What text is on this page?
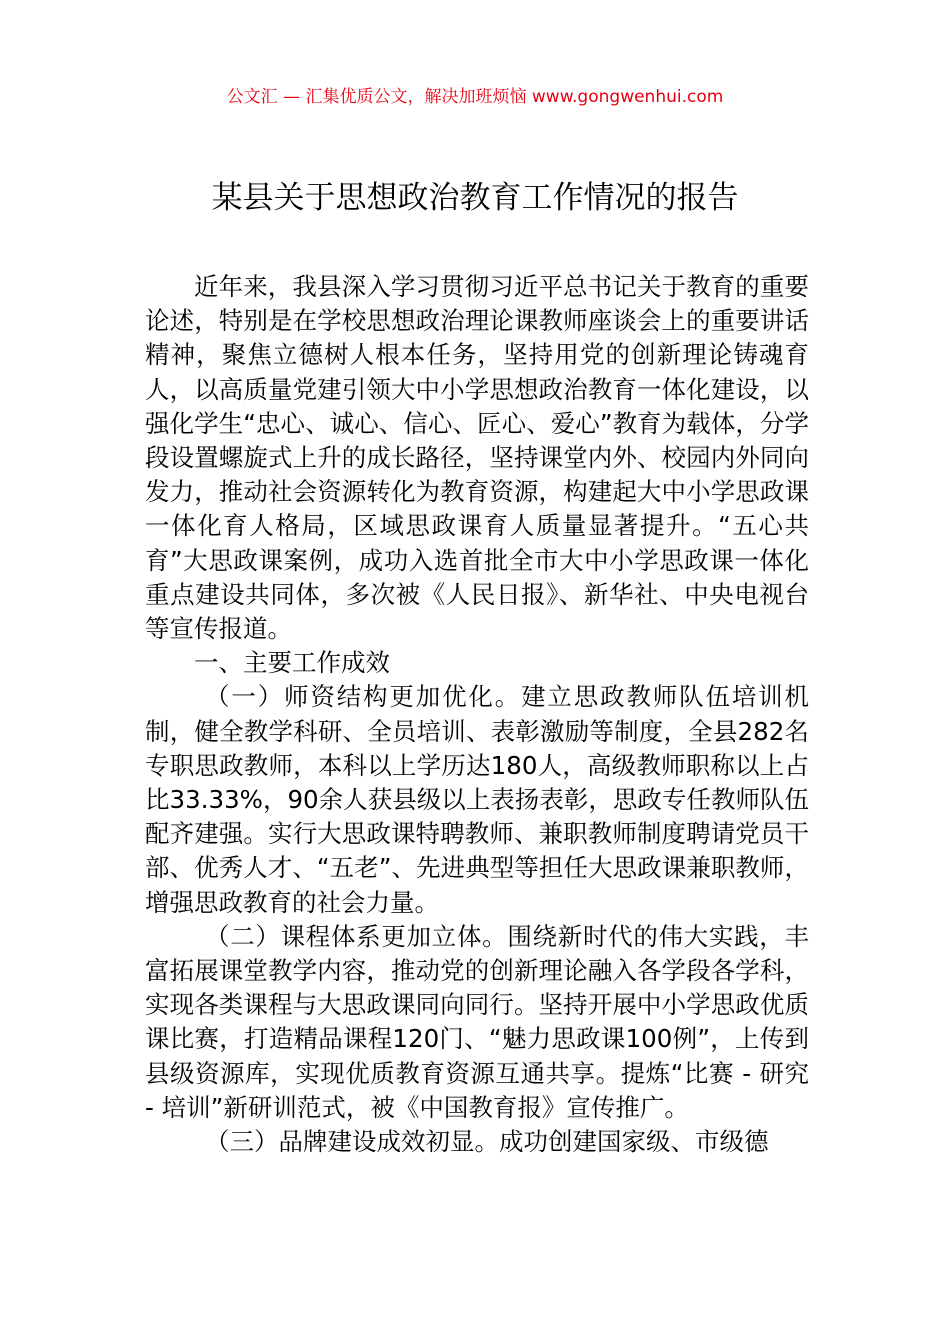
公文汇 — 汇集优质公文，解决加班烦恼 www.gongwenhui.com
某县关于思想政治教育工作情况的报告

近年来，我县深入学习贯彻习近平总书记关于教育的重要论述，特别是在学校思想政治理论课教师座谈会上的重要讲话精神，聚焦立德树人根本任务，坚持用党的创新理论铸魂育人，以高质量党建引领大中小学思想政治教育一体化建设，以强化学生“忠心、诚心、信心、匠心、爱心”教育为载体，分学段设置螺旋式上升的成长路径，坚持课堂内外、校园内外同向发力，推动社会资源转化为教育资源，构建起大中小学思政课一体化育人格局，区域思政课育人质量显著提升。“五心共育”大思政课案例，成功入选首批全市大中小学思政课一体化重点建设共同体，多次被《人民日报》、新华社、中央电视台等宣传报道。

一、主要工作成效

（一）师资结构更加优化。建立思政教师队伍培训机制，健全教学科研、全员培训、表彰激励等制度，全县282名专职思政教师，本科以上学历达180人，高级教师职称以上占比33.33%，90余人获县级以上表扬表彰，思政专任教师队伍配齐建强。实行大思政课特聘教师、兼职教师制度聘请党员干部、优秀人才、“五老”、先进典型等担任大思政课兼职教师，增强思政教育的社会力量。

（二）课程体系更加立体。围绕新时代的伟大实践，丰富拓展课堂教学内容，推动党的创新理论融入各学段各学科，实现各类课程与大思政课同向同行。坚持开展中小学思政优质课比赛，打造精品课程120门、“魅力思政课100例”，上传到县级资源库，实现优质教育资源互通共享。提炼“比赛 - 研究 - 培训”新研训范式，被《中国教育报》宣传推广。

（三）品牌建设成效初显。成功创建国家级、市级德
